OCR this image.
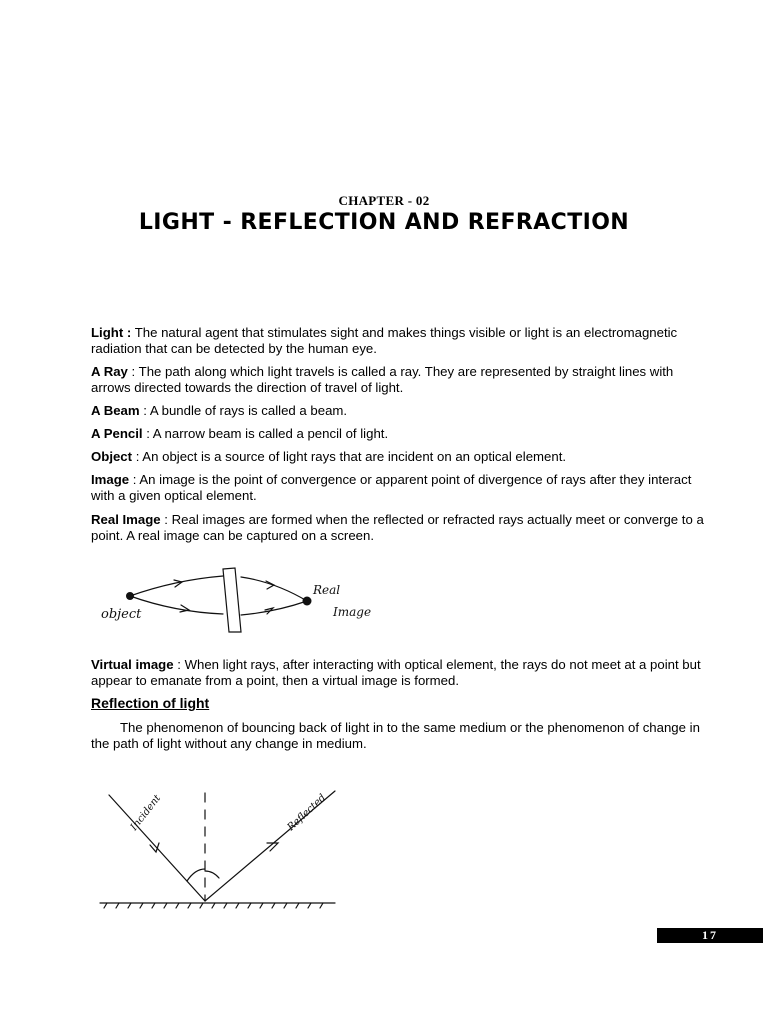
CHAPTER - 02
LIGHT - REFLECTION AND REFRACTION

Light : The natural agent that stimulates sight and makes things visible or light is an electromagnetic radiation that can be detected by the human eye.

A Ray : The path along which light travels is called a ray. They are represented by straight lines with arrows directed towards the direction of travel of light.

A Beam : A bundle of rays is called a beam.

A Pencil : A narrow beam is called a pencil of light.

Object : An object is a source of light rays that are incident on an optical element.

Image : An image is the point of convergence or apparent point of divergence of rays after they interact with a given optical element.

Real Image : Real images are formed when the reflected or refracted rays actually meet or converge to a point. A real image can be captured on a screen.

object
Real
Image

Virtual image : When light rays, after interacting with optical element, the rays do not meet at a point but appear to emanate from a point, then a virtual image is formed.

Reflection of light

The phenomenon of bouncing back of light in to the same medium or the phenomenon of change in the path of light without any change in medium.

Incident	Reflected
17
